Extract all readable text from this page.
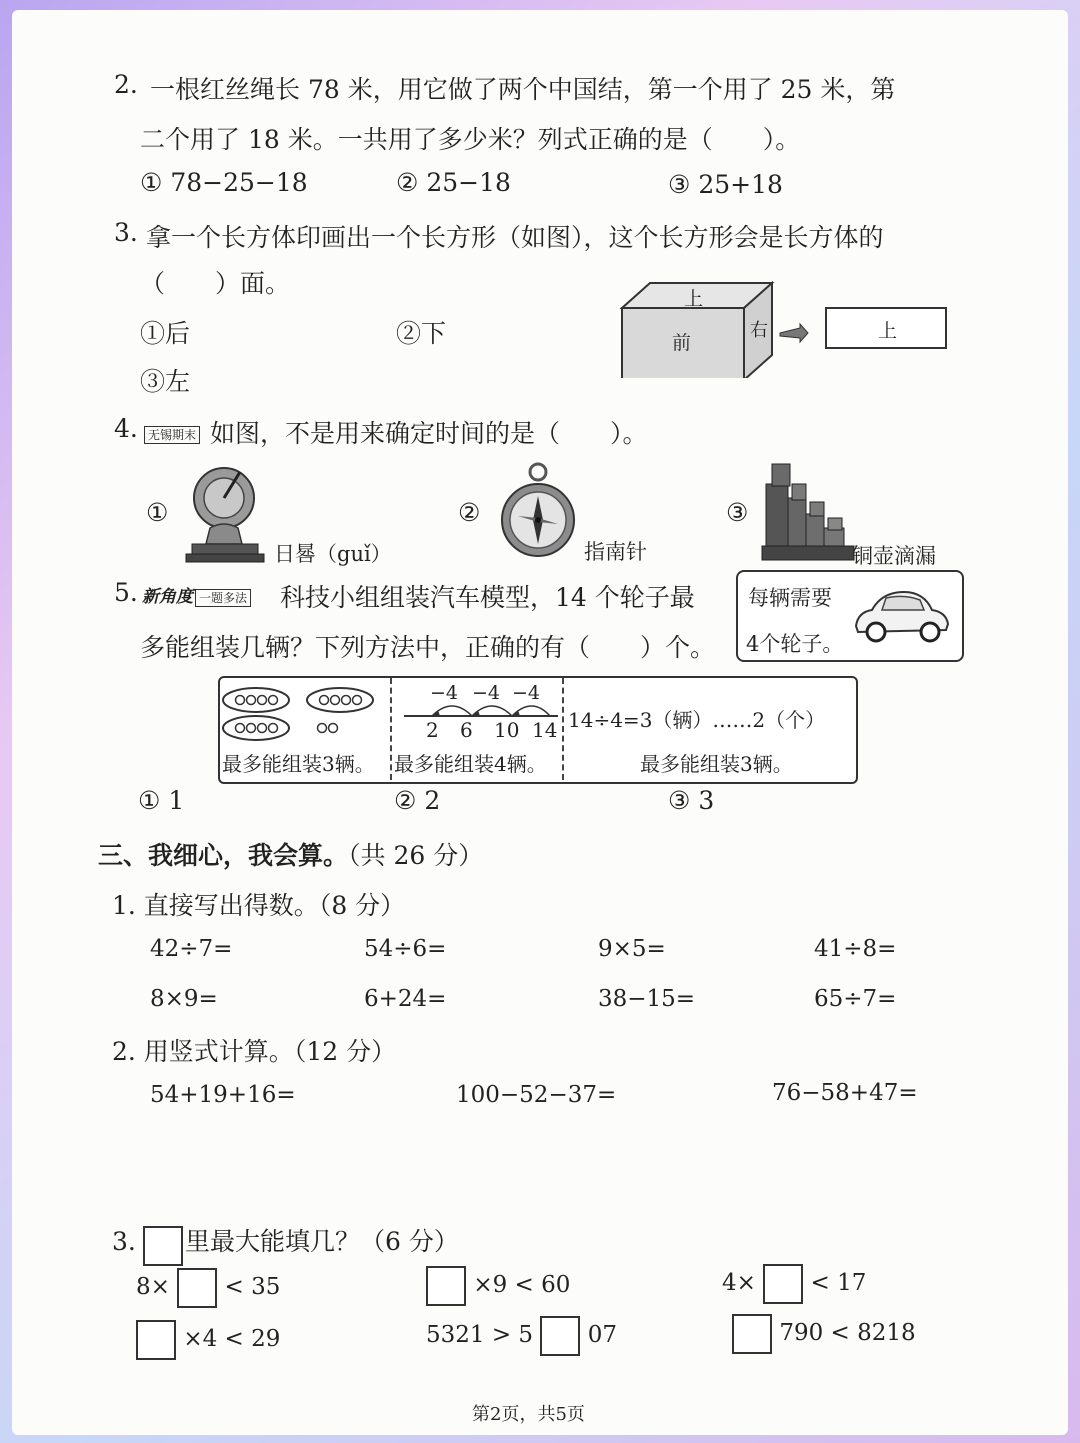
2. 一根红丝绳长 78 米，用它做了两个中国结，第一个用了 25 米，第
二个用了 18 米。一共用了多少米？列式正确的是（　　）。
① 78−25−18	② 25−18	③ 25+18
3. 拿一个长方体印画出一个长方形（如图），这个长方形会是长方体的
（　　）面。
①后	②下
③左
上
前
右	上
4. 无锡期末 如图，不是用来确定时间的是（　　）。
①
日晷（guǐ）
②
指南针
③
铜壶滴漏
5. 新角度 一题多法 科技小组组装汽车模型，14 个轮子最
多能组装几辆？下列方法中，正确的有（　　）个。
每辆需要
4个轮子。
最多能组装3辆。
−4 −4 −4
2 6 10 14
最多能组装4辆。
14÷4=3（辆）……2（个）
最多能组装3辆。
① 1	② 2	③ 3
三、我细心，我会算。（共 26 分）
1. 直接写出得数。（8 分）
42÷7=	54÷6=	9×5=	41÷8=
8×9=	6+24=	38−15=	65÷7=
2. 用竖式计算。（12 分）
54+19+16=	100−52−37=	76−58+47=
3. 里最大能填几？（6 分）
8× < 35	×9 < 60	4× < 17
×4 < 29	5321 > 5 07	790 < 8218
第2页，共5页
